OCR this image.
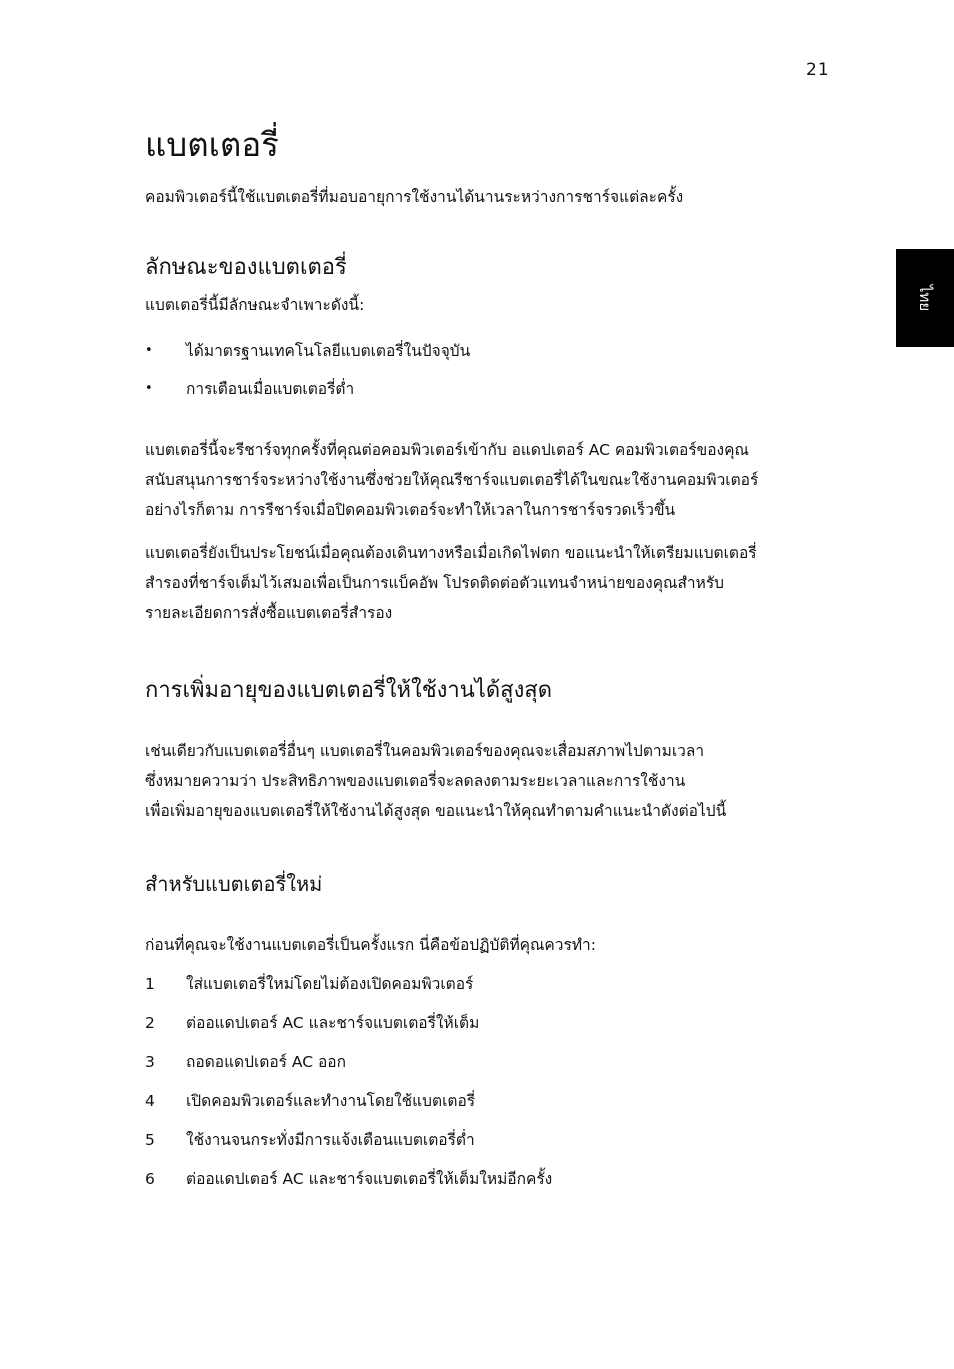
21
ไทย
แบตเตอรี่

คอมพิวเตอร์นี้ใช้แบตเตอรี่ที่มอบอายุการใช้งานได้นานระหว่างการชาร์จแต่ละครั้ง

ลักษณะของแบตเตอรี่

แบตเตอรี่นี้มีลักษณะจำเพาะดังนี้:

•	ได้มาตรฐานเทคโนโลยีแบตเตอรี่ในปัจจุบัน
•	การเตือนเมื่อแบตเตอรี่ต่ำ
แบตเตอรี่นี้จะรีชาร์จทุกครั้งที่คุณต่อคอมพิวเตอร์เข้ากับ อแดปเตอร์ AC คอมพิวเตอร์ของคุณ
สนับสนุนการชาร์จระหว่างใช้งานซึ่งช่วยให้คุณรีชาร์จแบตเตอรี่ได้ในขณะใช้งานคอมพิวเตอร์
อย่างไรก็ตาม การรีชาร์จเมื่อปิดคอมพิวเตอร์จะทำให้เวลาในการชาร์จรวดเร็วขึ้น
แบตเตอรี่ยังเป็นประโยชน์เมื่อคุณต้องเดินทางหรือเมื่อเกิดไฟตก ขอแนะนำให้เตรียมแบตเตอรี่
สำรองที่ชาร์จเต็มไว้เสมอเพื่อเป็นการแบ็คอัพ โปรดติดต่อตัวแทนจำหน่ายของคุณสำหรับ
รายละเอียดการสั่งซื้อแบตเตอรี่สำรอง
การเพิ่มอายุของแบตเตอรี่ให้ใช้งานได้สูงสุด
เช่นเดียวกับแบตเตอรี่อื่นๆ แบตเตอรี่ในคอมพิวเตอร์ของคุณจะเสื่อมสภาพไปตามเวลา
ซึ่งหมายความว่า ประสิทธิภาพของแบตเตอรี่จะลดลงตามระยะเวลาและการใช้งาน
เพื่อเพิ่มอายุของแบตเตอรี่ให้ใช้งานได้สูงสุด ขอแนะนำให้คุณทำตามคำแนะนำดังต่อไปนี้
สำหรับแบตเตอรี่ใหม่

ก่อนที่คุณจะใช้งานแบตเตอรี่เป็นครั้งแรก นี่คือข้อปฏิบัติที่คุณควรทำ:

1	ใส่แบตเตอรี่ใหม่โดยไม่ต้องเปิดคอมพิวเตอร์
2	ต่ออแดปเตอร์ AC และชาร์จแบตเตอรี่ให้เต็ม
3	ถอดอแดปเตอร์ AC ออก
4	เปิดคอมพิวเตอร์และทำงานโดยใช้แบตเตอรี่
5	ใช้งานจนกระทั่งมีการแจ้งเตือนแบตเตอรี่ต่ำ
6	ต่ออแดปเตอร์ AC และชาร์จแบตเตอรี่ให้เต็มใหม่อีกครั้ง
